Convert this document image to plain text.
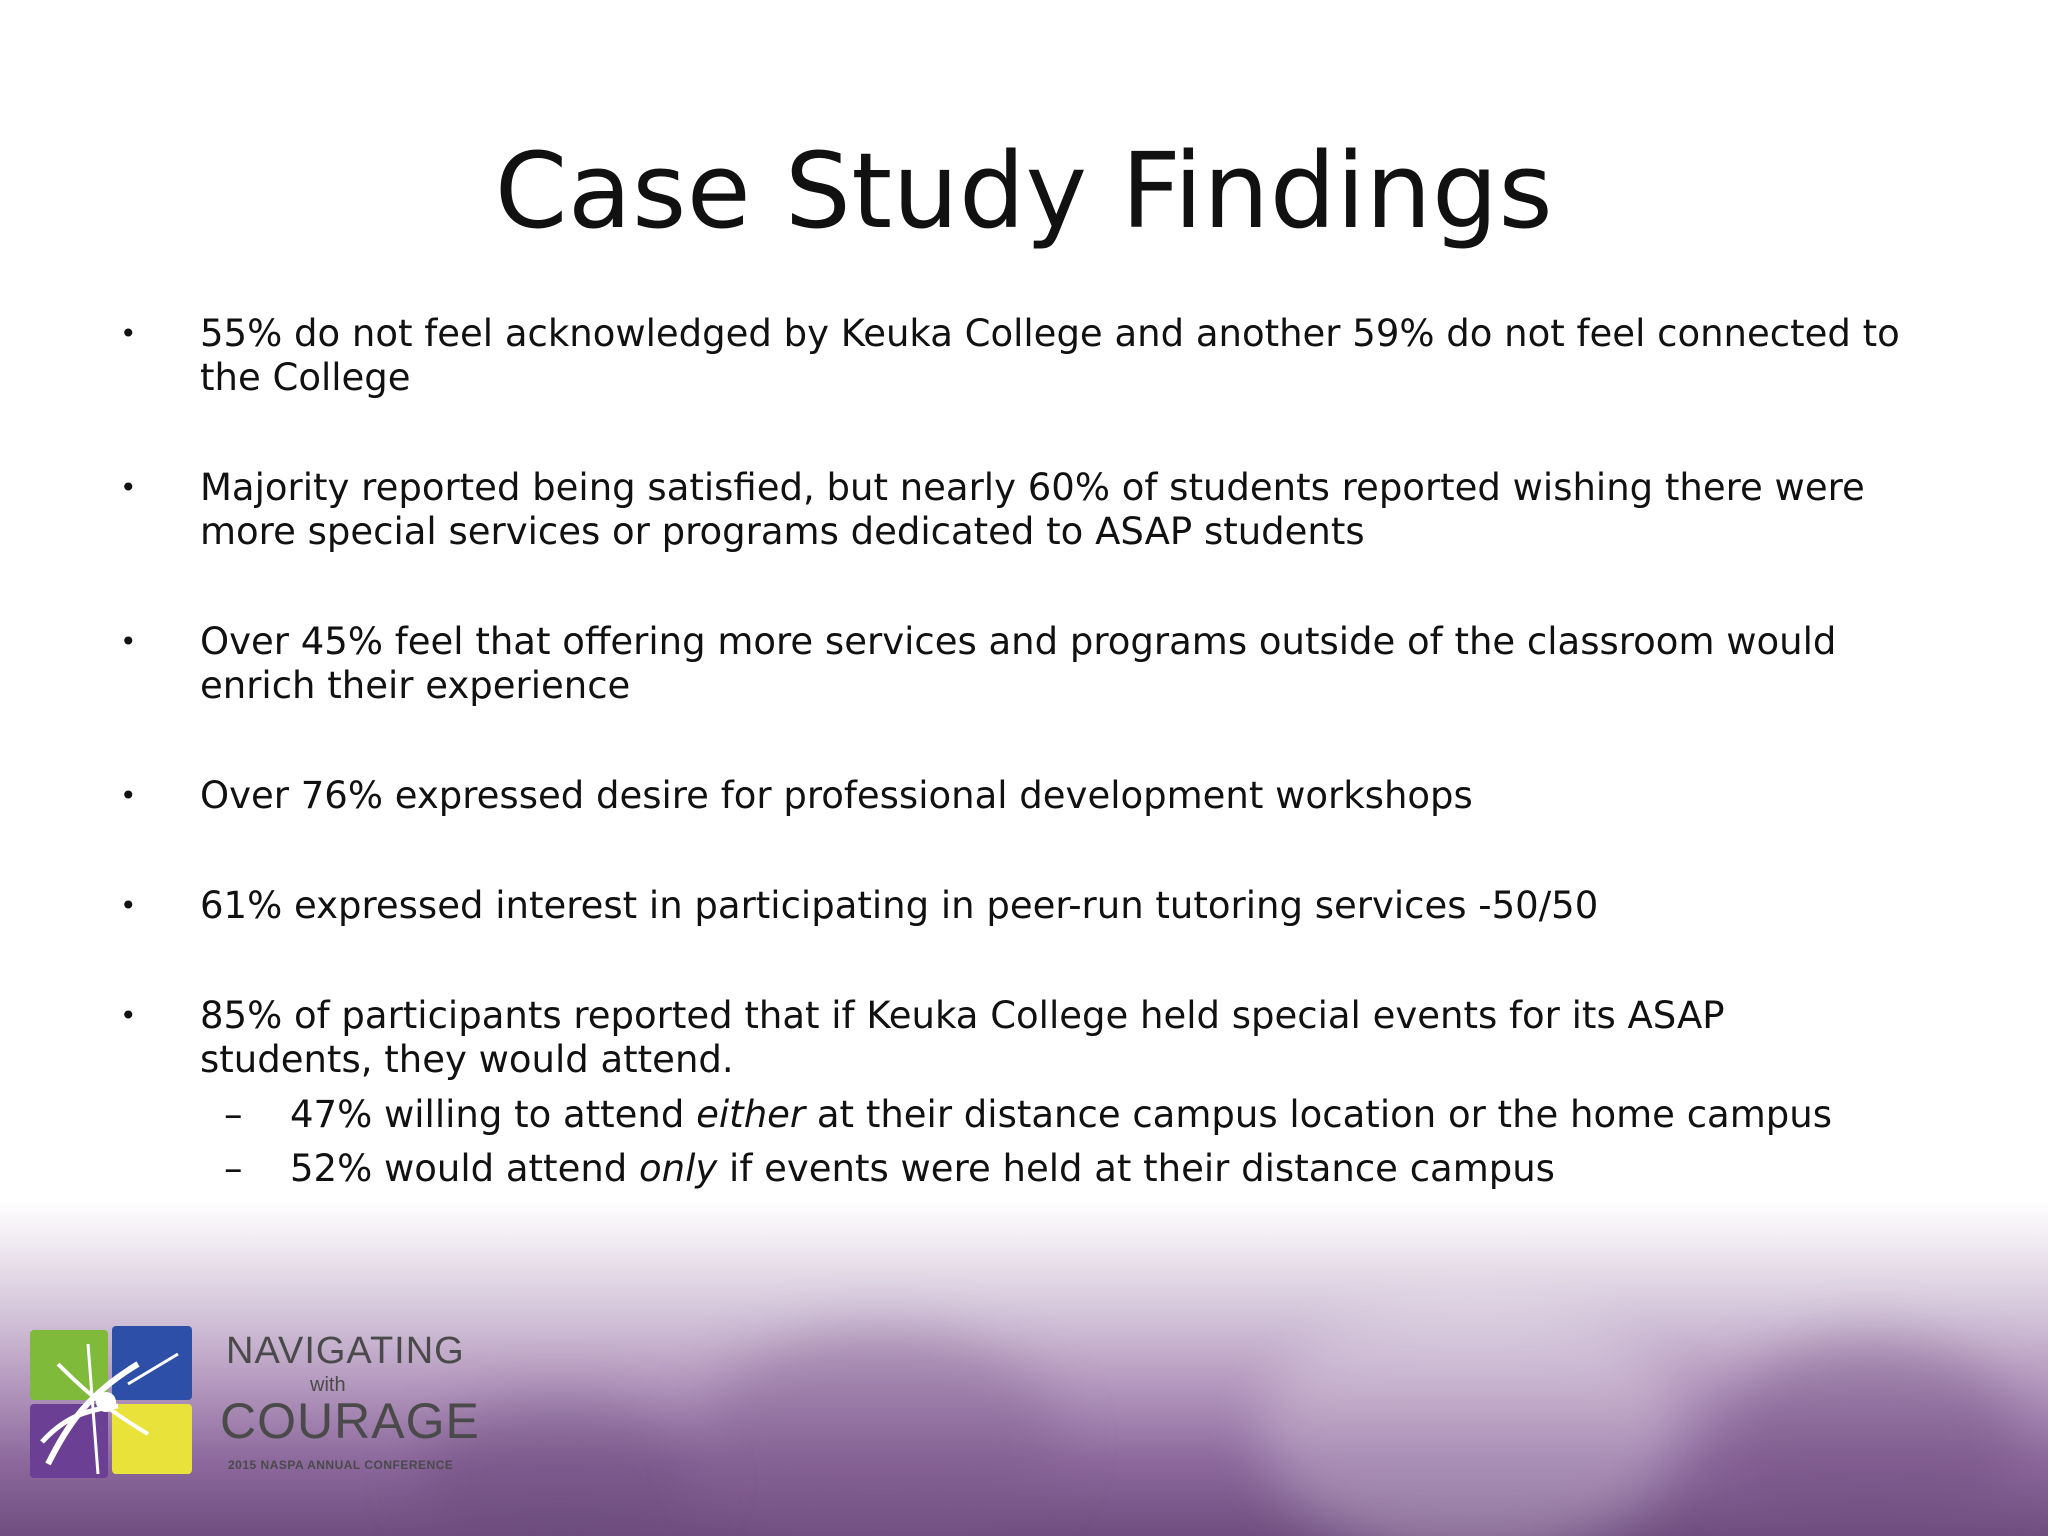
Case Study Findings
• 55% do not feel acknowledged by Keuka College and another 59% do not feel connected to the College
• Majority reported being satisfied, but nearly 60% of students reported wishing there were more special services or programs dedicated to ASAP students
• Over 45% feel that offering more services and programs outside of the classroom would enrich their experience
• Over 76% expressed desire for professional development workshops
• 61% expressed interest in participating in peer-run tutoring services -50/50
• 85% of participants reported that if Keuka College held special events for its ASAP students, they would attend.
– 47% willing to attend either at their distance campus location or the home campus
– 52% would attend only if events were held at their distance campus
NAVIGATING
with
COURAGE
2015 NASPA ANNUAL CONFERENCE
